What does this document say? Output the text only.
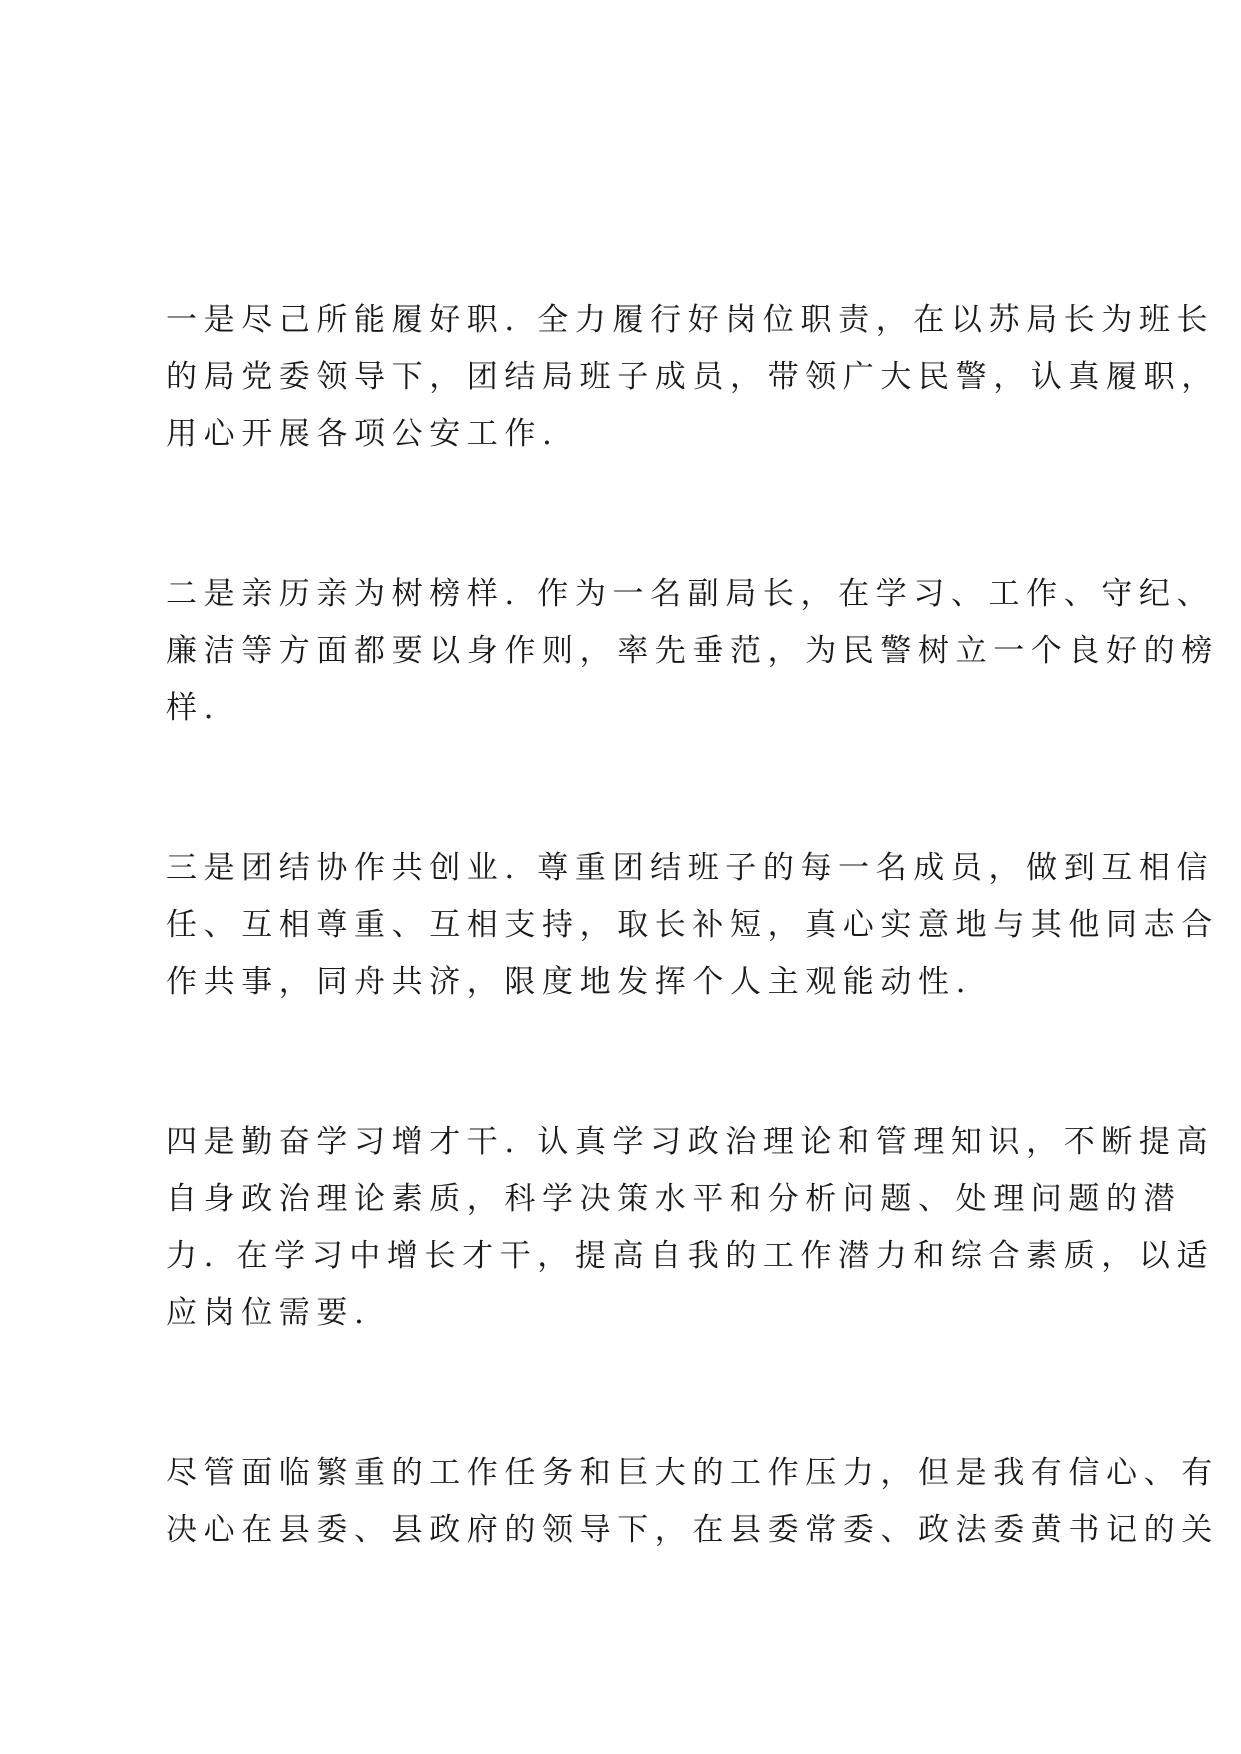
一是尽己所能履好职. 全力履行好岗位职责，在以苏局长为班长
的局党委领导下，团结局班子成员，带领广大民警，认真履职，
用心开展各项公安工作.
二是亲历亲为树榜样. 作为一名副局长，在学习、工作、守纪、
廉洁等方面都要以身作则，率先垂范，为民警树立一个良好的榜
样.
三是团结协作共创业. 尊重团结班子的每一名成员，做到互相信
任、互相尊重、互相支持，取长补短，真心实意地与其他同志合
作共事，同舟共济，限度地发挥个人主观能动性.
四是勤奋学习增才干. 认真学习政治理论和管理知识，不断提高
自身政治理论素质，科学决策水平和分析问题、处理问题的潜
力. 在学习中增长才干，提高自我的工作潜力和综合素质，以适
应岗位需要.
尽管面临繁重的工作任务和巨大的工作压力，但是我有信心、有
决心在县委、县政府的领导下，在县委常委、政法委黄书记的关
